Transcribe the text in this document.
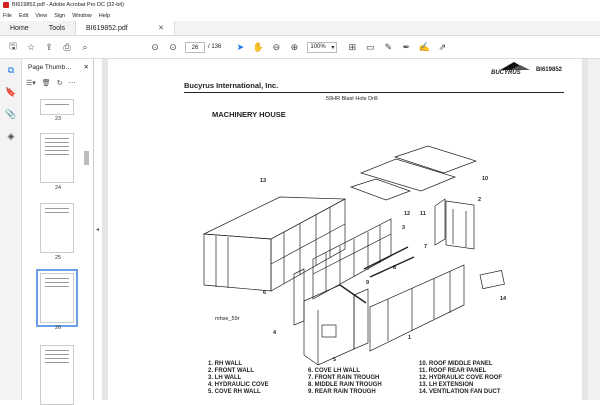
BI619852.pdf - Adobe Acrobat Pro DC (32-bit)
File Edit View Sign Window Help
Home	Tools	BI619852.pdf	✕
🖫	☆	⇪	⎙	⌕	⊙	⊙	26	/ 136	➤ ✋ ⊖	⊕	100% ▾	⊞	▭	✎	✒ ✍ ⇗
⧉
🔖
📎
◈
Page Thumb… ✕
☰▾ 🗑 ↻ ⋯
23
24
25
26
◂
BI619852
BUCYRUS
Bucyrus International, Inc.
59HR Blast Hole Drill
MACHINERY HOUSE
13
12 11
10
2
3
7
8
9
6
5
14
4
1
mhse_59r
1. RH WALL
2. FRONT WALL
3. LH WALL
4. HYDRAULIC COVE
5. COVE RH WALL
6. COVE LH WALL
7. FRONT RAIN TROUGH
8. MIDDLE RAIN TROUGH
9. REAR RAIN TROUGH
10. ROOF MIDDLE PANEL
11. ROOF REAR PANEL
12. HYDRAULIC COVE ROOF
13. LH EXTENSION
14. VENTILATION FAN DUCT
